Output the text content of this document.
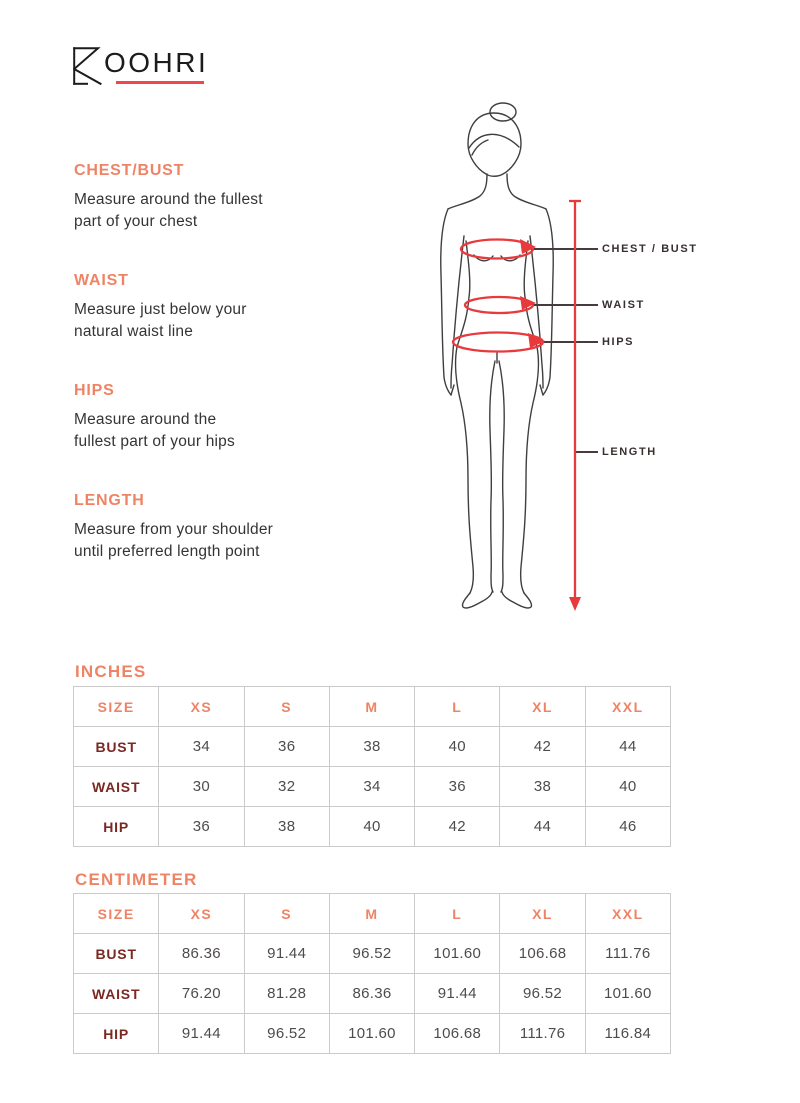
OOHRI
CHEST/BUST

Measure around the fullest
part of your chest

WAIST

Measure just below your
natural waist line

HIPS

Measure around the
fullest part of your hips

LENGTH

Measure from your shoulder
until preferred length point

CHEST / BUST
WAIST
HIPS
LENGTH
INCHES
SIZE	XS	S	M	L	XL	XXL
BUST	34	36	38	40	42	44
WAIST	30	32	34	36	38	40
HIP	36	38	40	42	44	46
CENTIMETER
SIZE	XS	S	M	L	XL	XXL
BUST	86.36	91.44	96.52	101.60	106.68	111.76
WAIST	76.20	81.28	86.36	91.44	96.52	101.60
HIP	91.44	96.52	101.60	106.68	111.76	116.84
